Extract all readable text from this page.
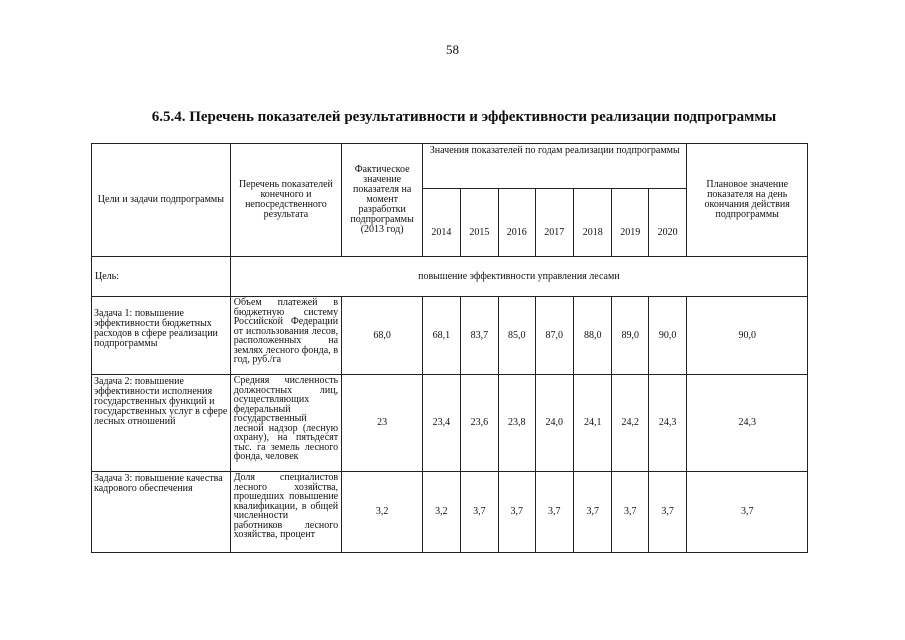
58
6.5.4. Перечень показателей результативности и эффективности реализации подпрограммы
Цели и задачи подпрограммы	Перечень показателей конечного и непосредственного результата	Фактическое значение показателя на момент разработки подпрограммы (2013 год)	Значения показателей по годам реализации подпрограммы							Плановое значение показателя на день окончания действия подпрограммы
			2014	2015	2016	2017	2018	2019	2020	
Цель:	повышение эффективности управления лесами									
Задача 1: повышение эффективности бюджетных расходов в сфере реализации подпрограммы	Объем платежей в бюджетную систему Российской Федерации от использования лесов, расположенных на землях лесного фонда, в год, руб./га	68,0	68,1	83,7	85,0	87,0	88,0	89,0	90,0	90,0
Задача 2: повышение эффективности исполнения государственных функций и государственных услуг в сфере лесных отношений	Средняя численность должностных лиц, осуществляющих федеральный государственный лесной надзор (лесную охрану), на пятьдесят тыс. га земель лесного фонда, человек	23	23,4	23,6	23,8	24,0	24,1	24,2	24,3	24,3
Задача 3: повышение качества кадрового обеспечения	Доля специалистов лесного хозяйства, прошедших повышение квалификации, в общей численности работников лесного хозяйства, процент	3,2	3,2	3,7	3,7	3,7	3,7	3,7	3,7	3,7
